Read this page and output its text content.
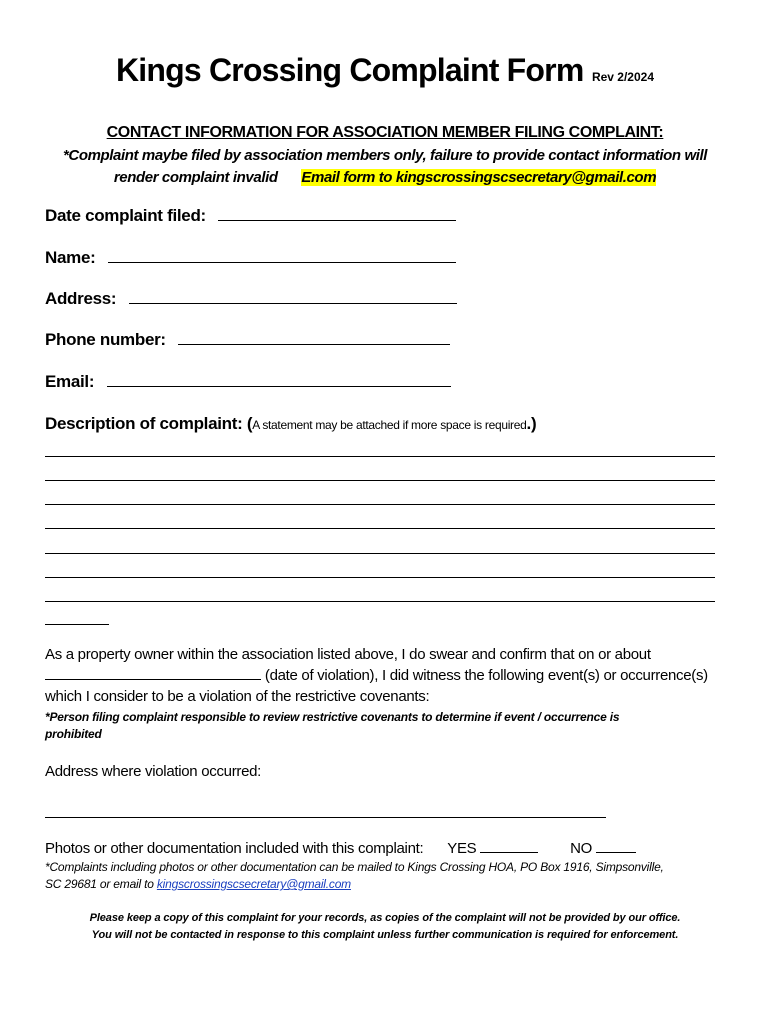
Kings Crossing Complaint Form Rev 2/2024
CONTACT INFORMATION FOR ASSOCIATION MEMBER FILING COMPLAINT:
*Complaint maybe filed by association members only, failure to provide contact information will
render complaint invalid Email form to kingscrossingscsecretary@gmail.com
Date complaint filed:
Name:
Address:
Phone number:
Email:
Description of complaint: (A statement may be attached if more space is required.)
As a property owner within the association listed above, I do swear and confirm that on or about
(date of violation), I did witness the following event(s) or occurrence(s)
which I consider to be a violation of the restrictive covenants:
*Person filing complaint responsible to review restrictive covenants to determine if event / occurrence is
prohibited
Address where violation occurred:
Photos or other documentation included with this complaint: YES	NO
*Complaints including photos or other documentation can be mailed to Kings Crossing HOA, PO Box 1916, Simpsonville,
SC 29681 or email to kingscrossingscsecretary@gmail.com
Please keep a copy of this complaint for your records, as copies of the complaint will not be provided by our office.
You will not be contacted in response to this complaint unless further communication is required for enforcement.
